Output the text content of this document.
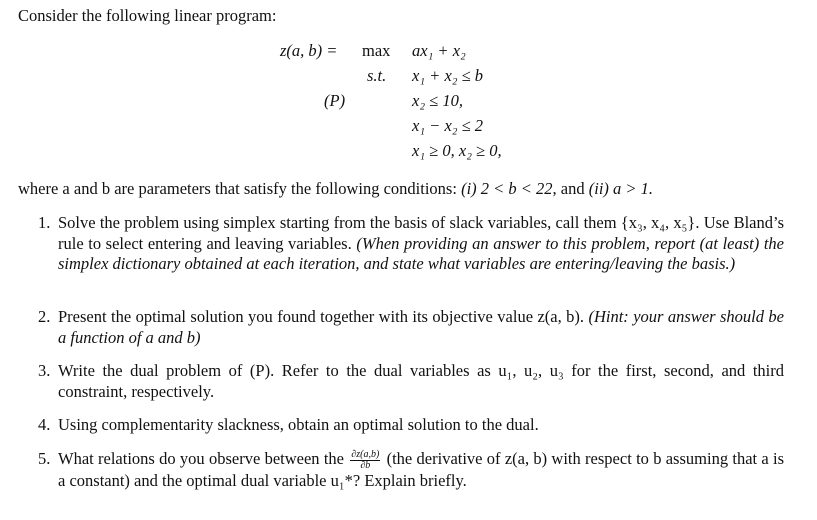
Consider the following linear program:
z(a, b) = max ax₁ + x₂
s.t. x₁ + x₂ ≤ b
(P)	x₂ ≤ 10,
x₁ − x₂ ≤ 2
x₁ ≥ 0, x₂ ≥ 0,
where a and b are parameters that satisfy the following conditions: (i) 2 < b < 22, and (ii) a > 1.
1. Solve the problem using simplex starting from the basis of slack variables, call them {x₃, x₄, x₅}. Use Bland’s rule to select entering and leaving variables. (When providing an answer to this problem, report (at least) the simplex dictionary obtained at each iteration, and state what variables are entering/leaving the basis.)
2. Present the optimal solution you found together with its objective value z(a, b). (Hint: your answer should be a function of a and b)
3. Write the dual problem of (P). Refer to the dual variables as u₁, u₂, u₃ for the first, second, and third constraint, respectively.
4. Using complementarity slackness, obtain an optimal solution to the dual.
5. What relations do you observe between the $\frac{\partial z(a,b)}{\partial b} (the$ derivative of z(a, b) with respect to b assuming that a is a constant) and the optimal dual variable u₁*? Explain briefly.
